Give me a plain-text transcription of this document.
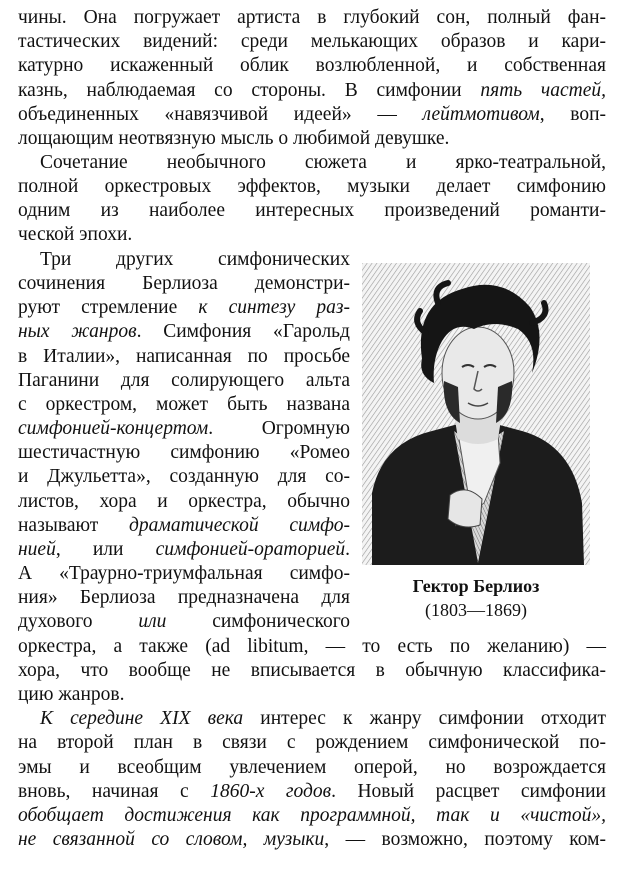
чины. Она погружает артиста в глубокий сон, полный фан-
тастических видений: среди мелькающих образов и кари-
катурно искаженный облик возлюбленной, и собственная
казнь, наблюдаемая со стороны. В симфонии пять частей,
объединенных «навязчивой идеей» — лейтмотивом, воп-
лощающим неотвязную мысль о любимой девушке.
Сочетание необычного сюжета и ярко-театральной,
полной оркестровых эффектов, музыки делает симфонию
одним из наиболее интересных произведений романти-
ческой эпохи.
Три других симфонических
сочинения Берлиоза демонстри-
руют стремление к синтезу раз-
ных жанров. Симфония «Гарольд
в Италии», написанная по просьбе
Паганини для солирующего альта
с оркестром, может быть названа
симфонией-концертом. Огромную
шестичастную симфонию «Ромео
и Джульетта», созданную для со-
листов, хора и оркестра, обычно
называют драматической симфо-
нией, или симфонией-ораторией.
А «Траурно-триумфальная симфо-
ния» Берлиоза предназначена для
духового или симфонического
оркестра, а также (ad libitum, — то есть по желанию) —
хора, что вообще не вписывается в обычную классифика-
цию жанров.
К середине XIX века интерес к жанру симфонии отходит
на второй план в связи с рождением симфонической по-
эмы и всеобщим увлечением оперой, но возрождается
вновь, начиная с 1860-х годов. Новый расцвет симфонии
обобщает достижения как программной, так и «чистой»,
не связанной со словом, музыки, — возможно, поэтому ком-
Гектор Берлиоз
(1803—1869)
